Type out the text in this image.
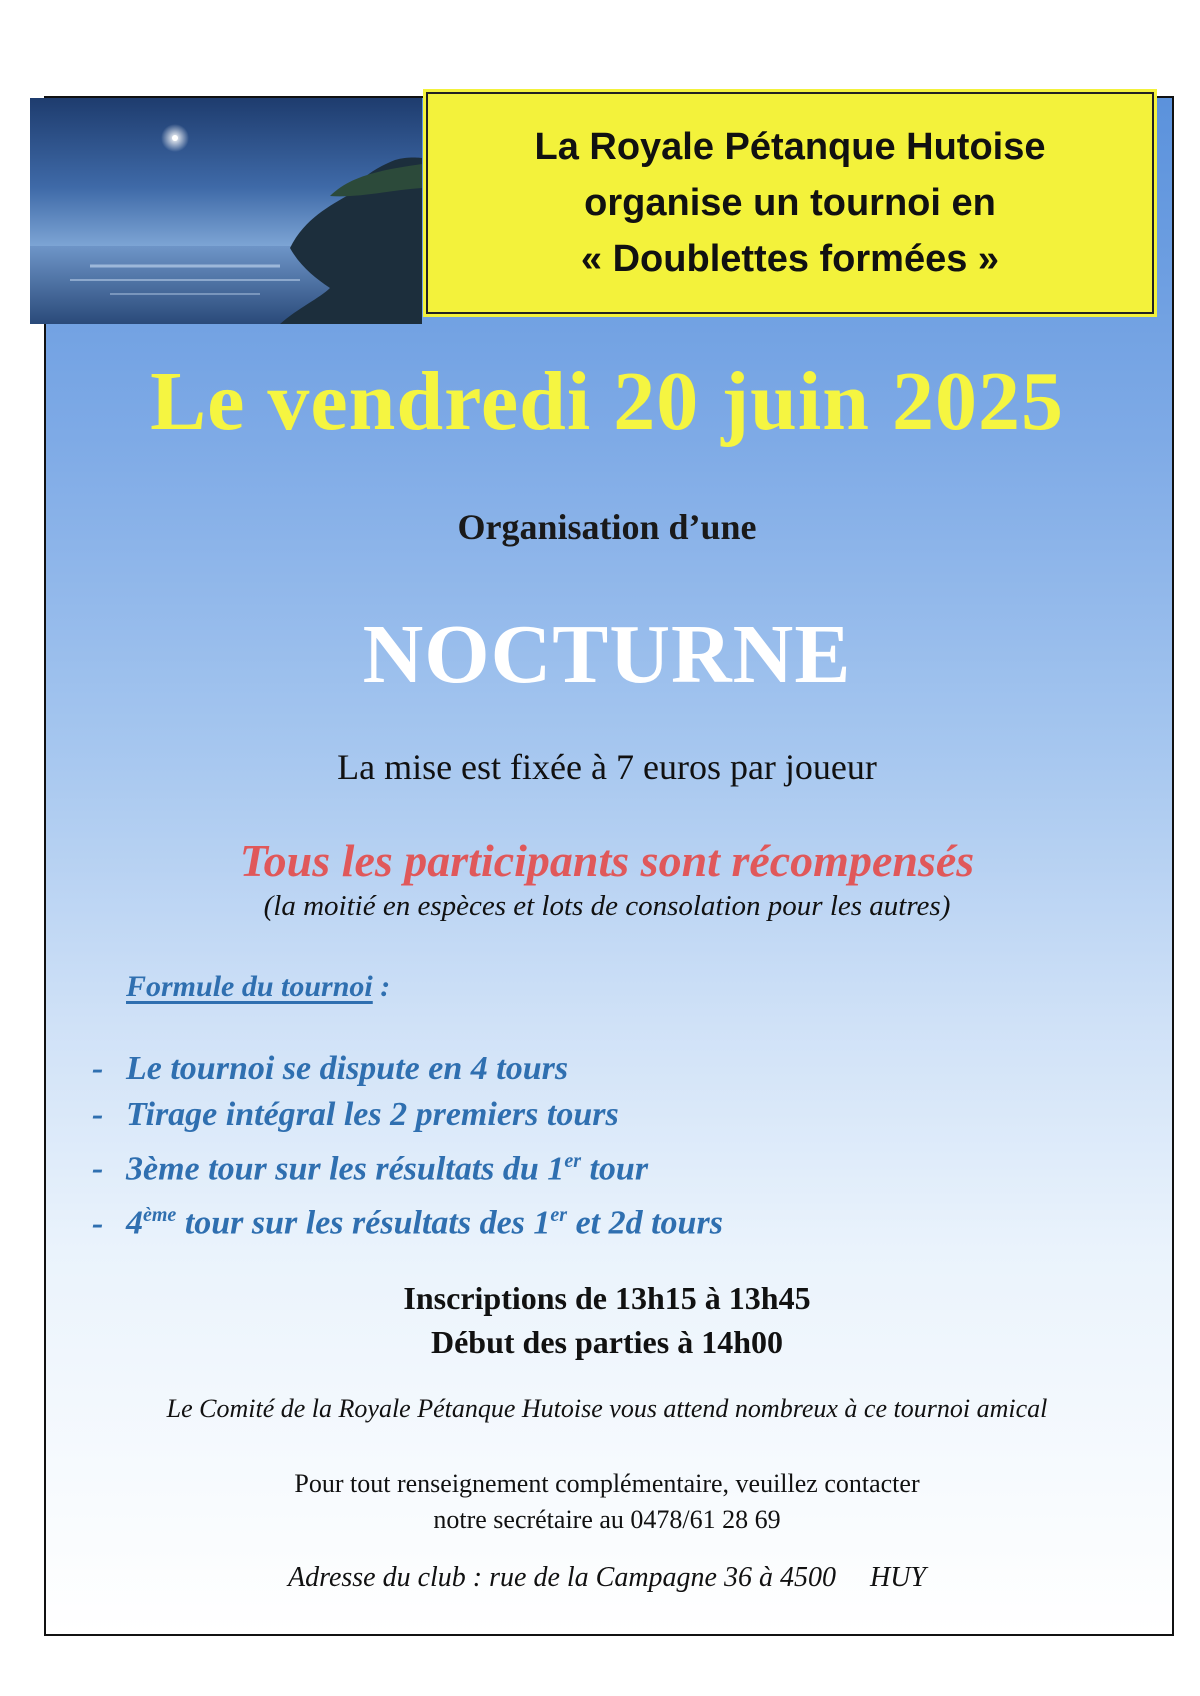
La Royale Pétanque Hutoise
organise un tournoi en
« Doublettes formées »
Le vendredi 20 juin 2025
Organisation d’une
NOCTURNE
La mise est fixée à 7 euros par joueur
Tous les participants sont récompensés
(la moitié en espèces et lots de consolation pour les autres)
Formule du tournoi :
- Le tournoi se dispute en 4 tours
- Tirage intégral les 2 premiers tours
- 3ème tour sur les résultats du 1er tour
- 4ème tour sur les résultats des 1er et 2d tours
Inscriptions de 13h15 à 13h45
Début des parties à 14h00
Le Comité de la Royale Pétanque Hutoise vous attend nombreux à ce tournoi amical
Pour tout renseignement complémentaire, veuillez contacter
notre secrétaire au 0478/61 28 69
Adresse du club : rue de la Campagne 36 à 4500 HUY
